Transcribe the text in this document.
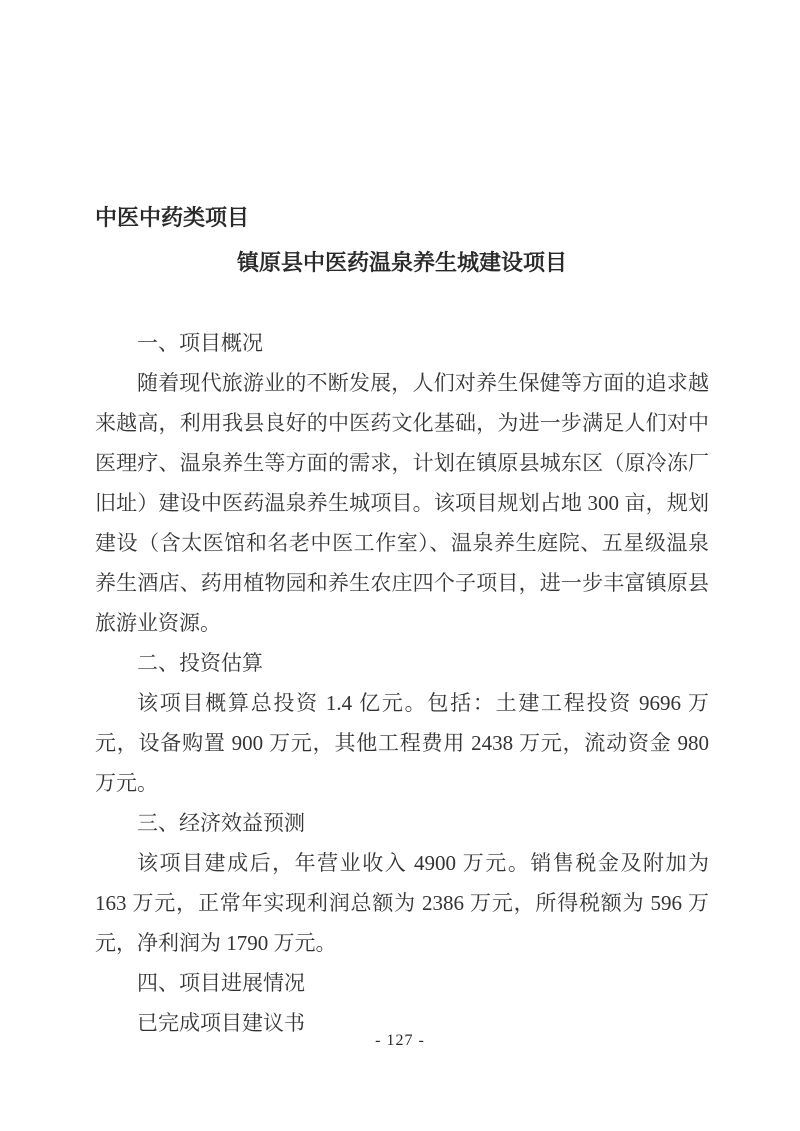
中医中药类项目
镇原县中医药温泉养生城建设项目
一、项目概况
随着现代旅游业的不断发展，人们对养生保健等方面的追求越来越高，利用我县良好的中医药文化基础，为进一步满足人们对中医理疗、温泉养生等方面的需求，计划在镇原县城东区（原冷冻厂旧址）建设中医药温泉养生城项目。该项目规划占地 300 亩，规划建设（含太医馆和名老中医工作室）、温泉养生庭院、五星级温泉养生酒店、药用植物园和养生农庄四个子项目，进一步丰富镇原县旅游业资源。
二、投资估算
该项目概算总投资 1.4 亿元。包括：土建工程投资 9696 万元，设备购置 900 万元，其他工程费用 2438 万元，流动资金 980 万元。
三、经济效益预测
该项目建成后，年营业收入 4900 万元。销售税金及附加为 163 万元，正常年实现利润总额为 2386 万元，所得税额为 596 万元，净利润为 1790 万元。
四、项目进展情况
已完成项目建议书
- 127 -
